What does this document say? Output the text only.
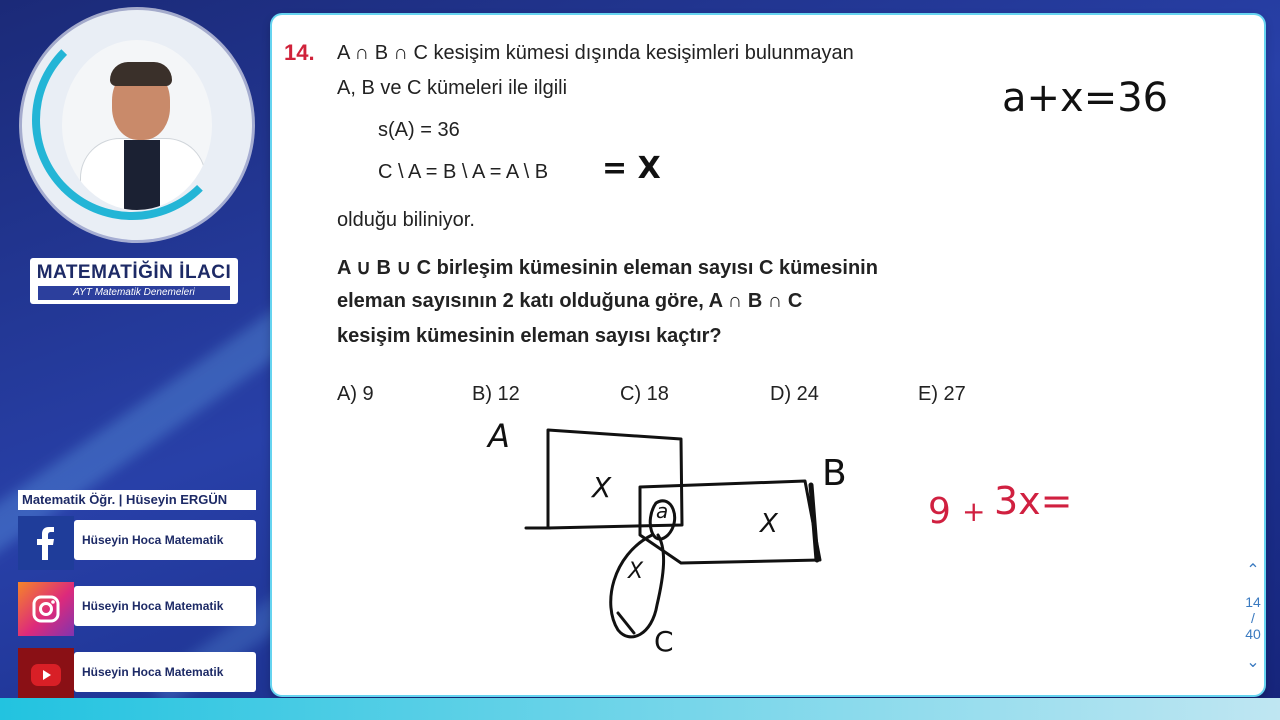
MATEMATİĞİN İLACI
AYT Matematik Denemeleri
Matematik Öğr. | Hüseyin ERGÜN
Hüseyin Hoca Matematik
Hüseyin Hoca Matematik
Hüseyin Hoca Matematik
14. A ∩ B ∩ C kesişim kümesi dışında kesişimleri bulunmayan
A, B ve C kümeleri ile ilgili
s(A) = 36
C \ A = B \ A = A \ B = X
olduğu biliniyor.
A ∪ B ∪ C birleşim kümesinin eleman sayısı C kümesinin
eleman sayısının 2 katı olduğuna göre, A ∩ B ∩ C
kesişim kümesinin eleman sayısı kaçtır?
A) 9	B) 12	C) 18	D) 24	E) 27
a+x=36
9 + 3x=
A
B
C
X
X
X
a
⌃
14
/
40
⌄
